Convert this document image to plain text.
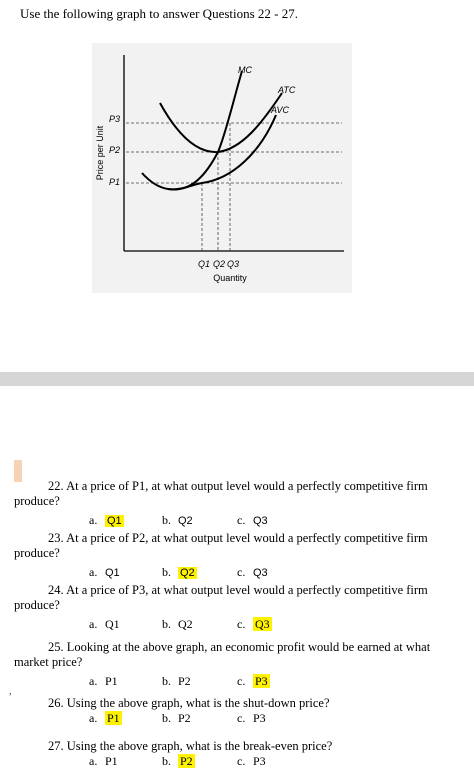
Use the following graph to answer Questions 22 - 27.
MC
ATC
AVC
P3
P2
P1
Price per Unit
Q1 Q2 Q3
Quantity
,
22. At a price of P1, at what output level would a perfectly competitive firm
produce?
a. Q1	b. Q2	c. Q3
23. At a price of P2, at what output level would a perfectly competitive firm
produce?
a. Q1	b. Q2	c. Q3
24. At a price of P3, at what output level would a perfectly competitive firm
produce?
a. Q1	b. Q2	c. Q3
25. Looking at the above graph, an economic profit would be earned at what
market price?
a. P1	b. P2	c. P3
26. Using the above graph, what is the shut-down price?
a. P1	b. P2	c. P3
27. Using the above graph, what is the break-even price?
a. P1	b. P2	c. P3
